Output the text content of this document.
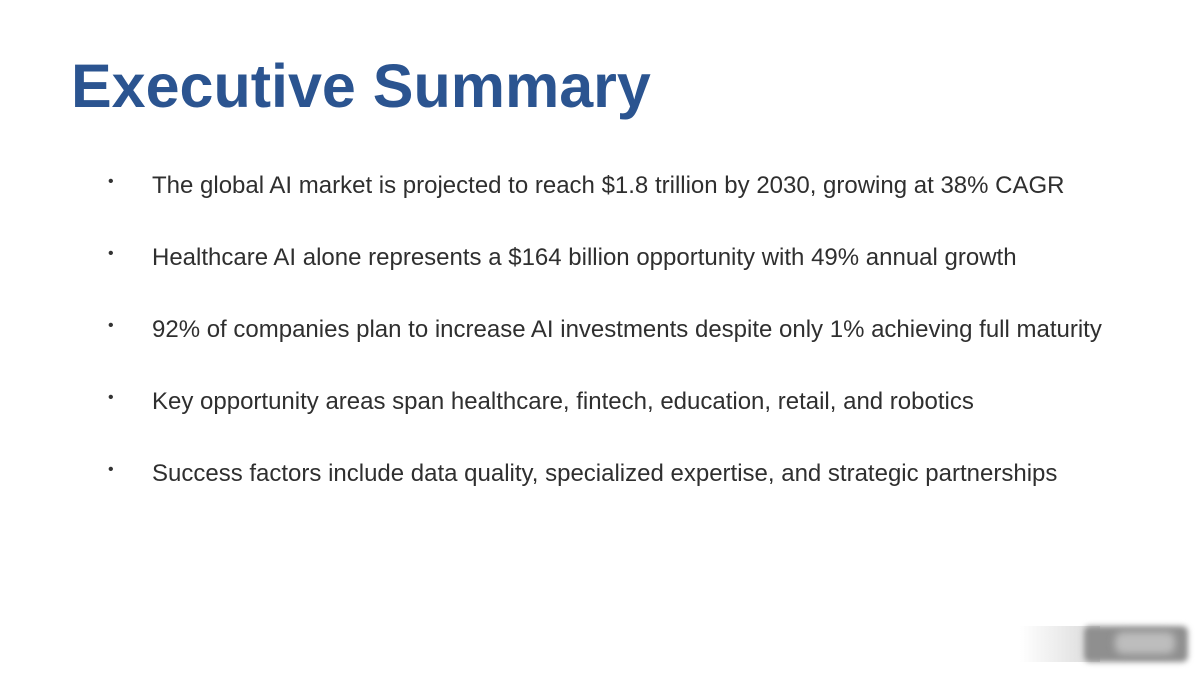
Executive Summary
• The global AI market is projected to reach $1.8 trillion by 2030, growing at 38% CAGR
• Healthcare AI alone represents a $164 billion opportunity with 49% annual growth
• 92% of companies plan to increase AI investments despite only 1% achieving full maturity
• Key opportunity areas span healthcare, fintech, education, retail, and robotics
• Success factors include data quality, specialized expertise, and strategic partnerships
